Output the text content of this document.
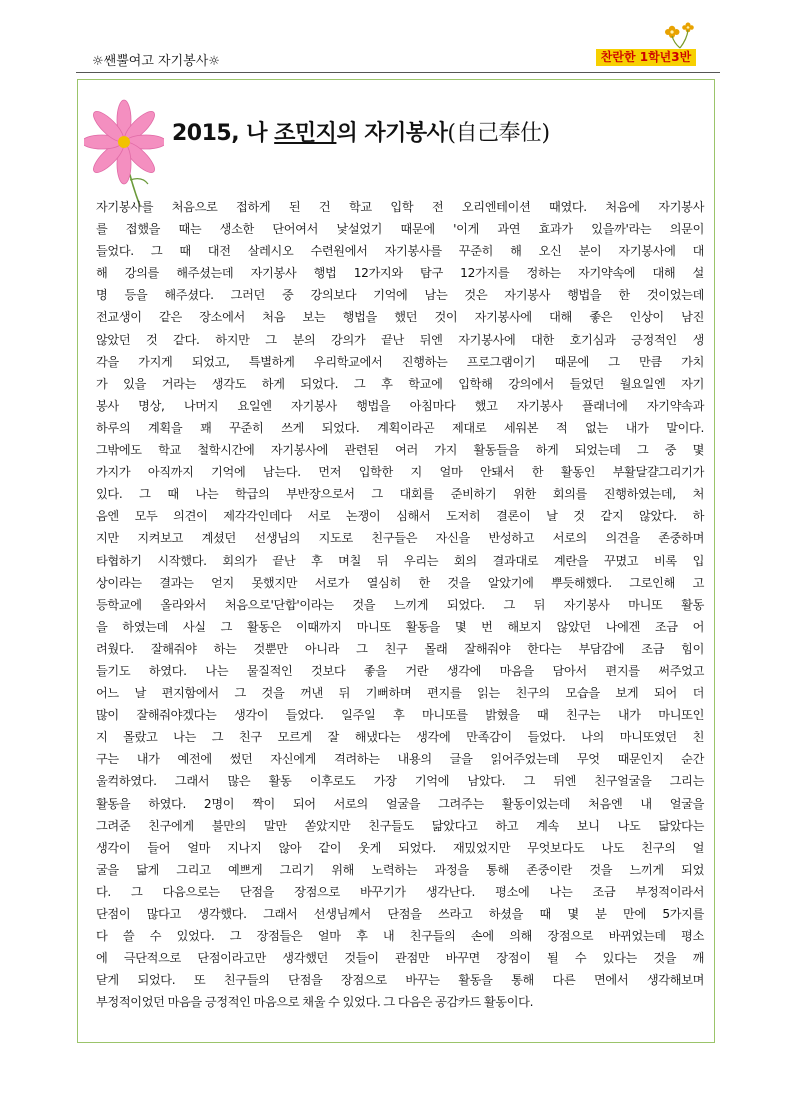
☼쌘뿔여고 자기봉사☼	찬란한 1학년3반
2015, 나 조민지의 자기봉사(自己奉仕)
자기봉사를 처음으로 접하게 된 건 학교 입학 전 오리엔테이션 때였다. 처음에 자기봉사
를 접했을 때는 생소한 단어여서 낯설었기 때문에 '이게 과연 효과가 있을까'라는 의문이
들었다. 그 때 대전 살레시오 수련원에서 자기봉사를 꾸준히 해 오신 분이 자기봉사에 대
해 강의를 해주셨는데 자기봉사 행법 12가지와 탐구 12가지를 정하는 자기약속에 대해 설
명 등을 해주셨다. 그러던 중 강의보다 기억에 남는 것은 자기봉사 행법을 한 것이었는데
전교생이 같은 장소에서 처음 보는 행법을 했던 것이 자기봉사에 대해 좋은 인상이 남진
않았던 것 같다. 하지만 그 분의 강의가 끝난 뒤엔 자기봉사에 대한 호기심과 긍정적인 생
각을 가지게 되었고, 특별하게 우리학교에서 진행하는 프로그램이기 때문에 그 만큼 가치
가 있을 거라는 생각도 하게 되었다. 그 후 학교에 입학해 강의에서 들었던 월요일엔 자기
봉사 명상, 나머지 요일엔 자기봉사 행법을 아침마다 했고 자기봉사 플래너에 자기약속과
하루의 계획을 꽤 꾸준히 쓰게 되었다. 계획이라곤 제대로 세워본 적 없는 내가 말이다.
그밖에도 학교 철학시간에 자기봉사에 관련된 여러 가지 활동들을 하게 되었는데 그 중 몇
가지가 아직까지 기억에 남는다. 먼저 입학한 지 얼마 안돼서 한 활동인 부활달걀그리기가
있다. 그 때 나는 학급의 부반장으로서 그 대회를 준비하기 위한 회의를 진행하였는데, 처
음엔 모두 의견이 제각각인데다 서로 논쟁이 심해서 도저히 결론이 날 것 같지 않았다. 하
지만 지켜보고 계셨던 선생님의 지도로 친구들은 자신을 반성하고 서로의 의견을 존중하며
타협하기 시작했다. 회의가 끝난 후 며칠 뒤 우리는 회의 결과대로 계란을 꾸몄고 비록 입
상이라는 결과는 얻지 못했지만 서로가 열심히 한 것을 알았기에 뿌듯해했다. 그로인해 고
등학교에 올라와서 처음으로'단합'이라는 것을 느끼게 되었다. 그 뒤 자기봉사 마니또 활동
을 하였는데 사실 그 활동은 이때까지 마니또 활동을 몇 번 해보지 않았던 나에겐 조금 어
려웠다. 잘해줘야 하는 것뿐만 아니라 그 친구 몰래 잘해줘야 한다는 부담감에 조금 힘이
들기도 하였다. 나는 물질적인 것보다 좋을 거란 생각에 마음을 담아서 편지를 써주었고
어느 날 편지함에서 그 것을 꺼낸 뒤 기뻐하며 편지를 읽는 친구의 모습을 보게 되어 더
많이 잘해줘야겠다는 생각이 들었다. 일주일 후 마니또를 밝혔을 때 친구는 내가 마니또인
지 몰랐고 나는 그 친구 모르게 잘 해냈다는 생각에 만족감이 들었다. 나의 마니또였던 친
구는 내가 예전에 썼던 자신에게 격려하는 내용의 글을 읽어주었는데 무엇 때문인지 순간
울컥하였다. 그래서 많은 활동 이후로도 가장 기억에 남았다. 그 뒤엔 친구얼굴을 그리는
활동을 하였다. 2명이 짝이 되어 서로의 얼굴을 그려주는 활동이었는데 처음엔 내 얼굴을
그려준 친구에게 불만의 말만 쏟았지만 친구들도 닮았다고 하고 계속 보니 나도 닮았다는
생각이 들어 얼마 지나지 않아 같이 웃게 되었다. 재밌었지만 무엇보다도 나도 친구의 얼
굴을 닮게 그리고 예쁘게 그리기 위해 노력하는 과정을 통해 존중이란 것을 느끼게 되었
다. 그 다음으로는 단점을 장점으로 바꾸기가 생각난다. 평소에 나는 조금 부정적이라서
단점이 많다고 생각했다. 그래서 선생님께서 단점을 쓰라고 하셨을 때 몇 분 만에 5가지를
다 쓸 수 있었다. 그 장점들은 얼마 후 내 친구들의 손에 의해 장점으로 바뀌었는데 평소
에 극단적으로 단점이라고만 생각했던 것들이 관점만 바꾸면 장점이 될 수 있다는 것을 깨
닫게 되었다. 또 친구들의 단점을 장점으로 바꾸는 활동을 통해 다른 면에서 생각해보며
부정적이었던 마음을 긍정적인 마음으로 채울 수 있었다. 그 다음은 공감카드 활동이다.
